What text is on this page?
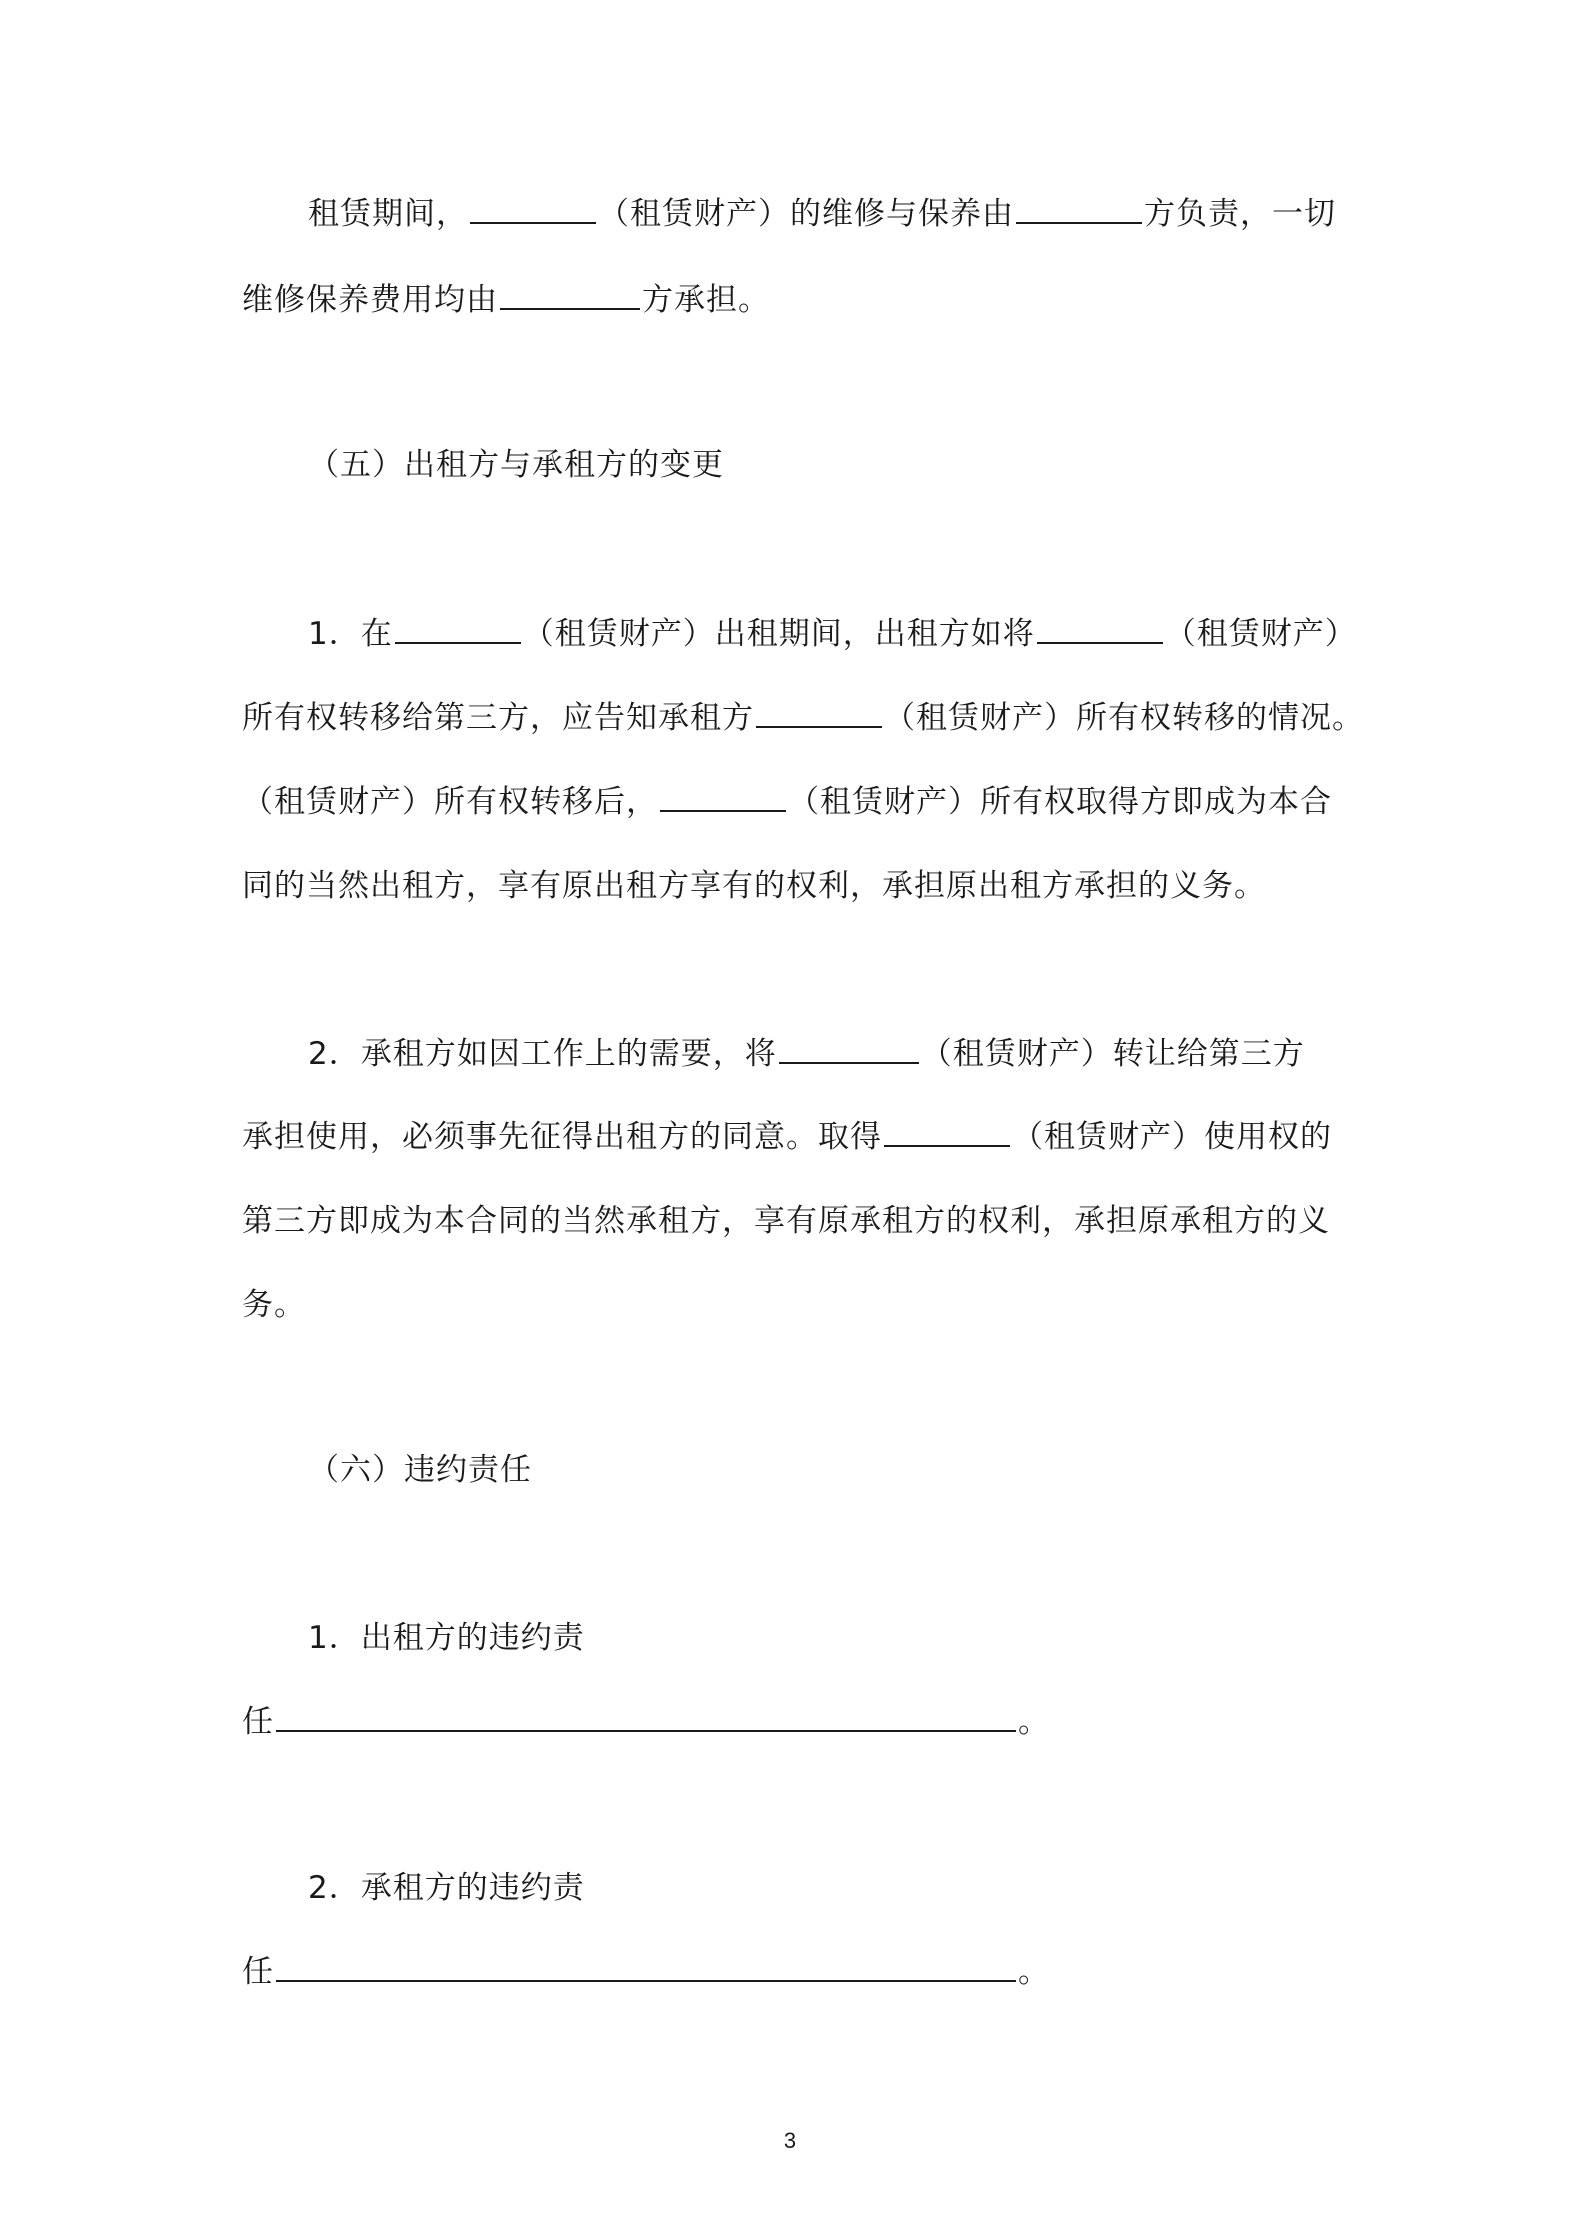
租赁期间，	（租赁财产）的维修与保养由	方负责，一切
维修保养费用均由	方承担。
（五）出租方与承租方的变更
1．在	（租赁财产）出租期间，出租方如将	（租赁财产）
所有权转移给第三方，应告知承租方	（租赁财产）所有权转移的情况。
（租赁财产）所有权转移后，	（租赁财产）所有权取得方即成为本合
同的当然出租方，享有原出租方享有的权利，承担原出租方承担的义务。
2．承租方如因工作上的需要，将	（租赁财产）转让给第三方
承担使用，必须事先征得出租方的同意。取得	（租赁财产）使用权的
第三方即成为本合同的当然承租方，享有原承租方的权利，承担原承租方的义
务。
（六）违约责任
1．出租方的违约责
任	。
2．承租方的违约责
任	。
3
